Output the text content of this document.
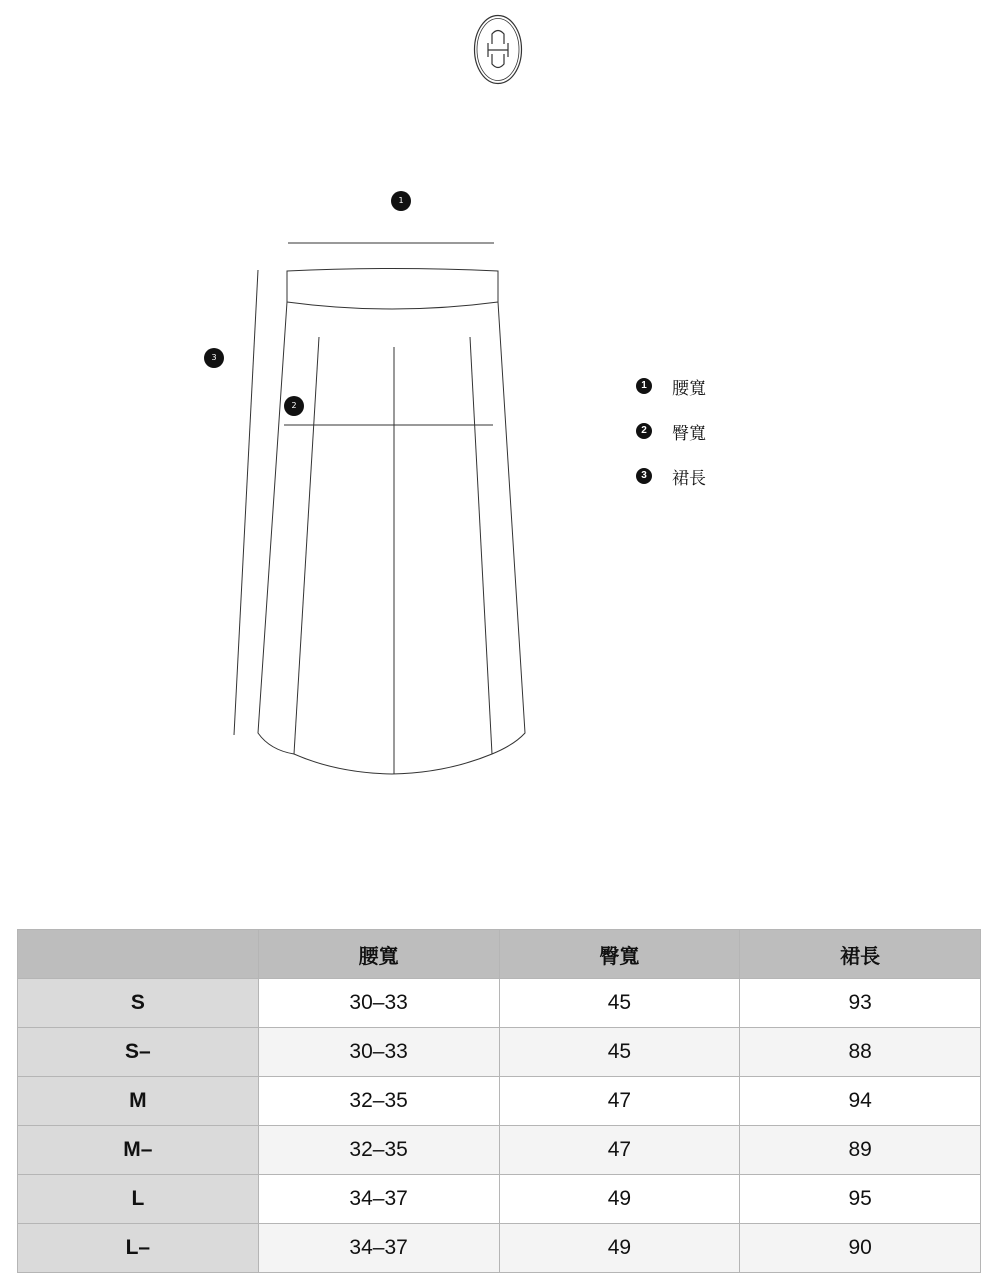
1
2
3
1	腰寬
2	臀寬
3	裙長
	腰寬	臀寬	裙長
S	30–33	45	93
S–	30–33	45	88
M	32–35	47	94
M–	32–35	47	89
L	34–37	49	95
L–	34–37	49	90
